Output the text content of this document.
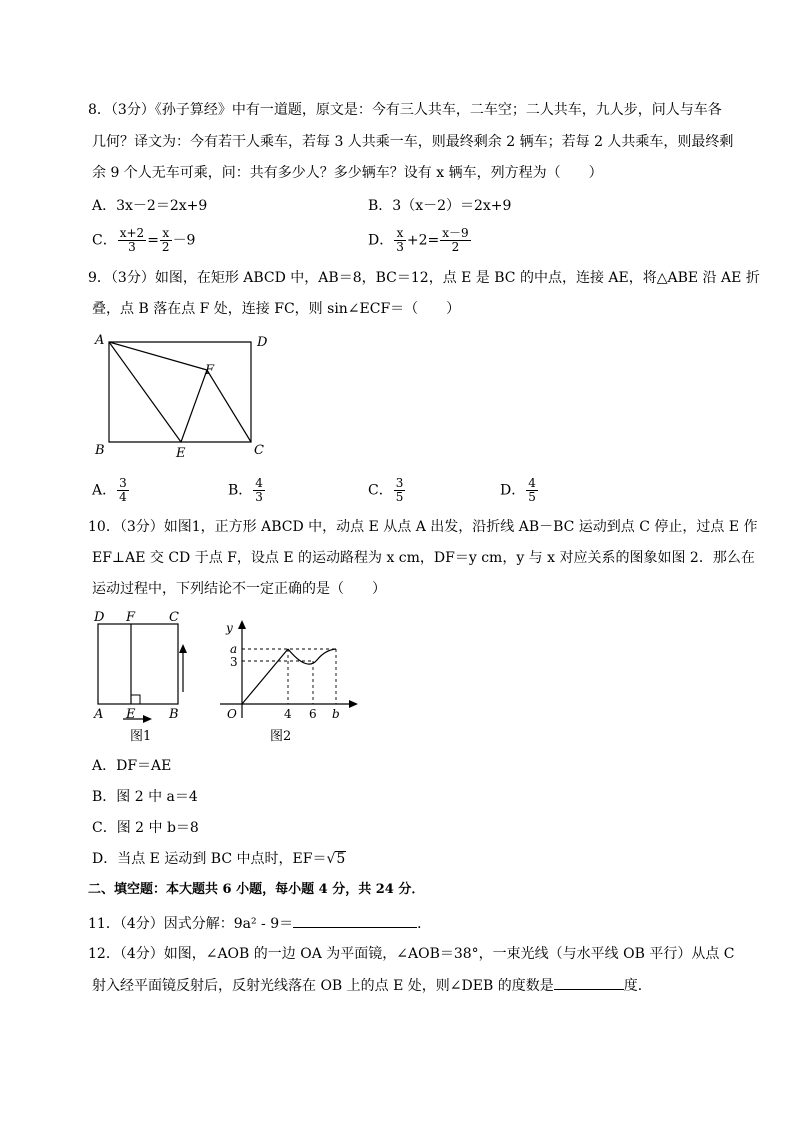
8．（3分）《孙子算经》中有一道题，原文是：今有三人共车，二车空；二人共车，九人步，问人与车各
几何？译文为：今有若干人乘车，若每 3 人共乘一车，则最终剩余 2 辆车；若每 2 人共乘车，则最终剩
余 9 个人无车可乘，问：共有多少人？多少辆车？设有 x 辆车，列方程为（　　）
A．3x－2＝2x+9	B．3（x－2）＝2x+9
C． $\frac{x+2}{3} = \frac{x}{2} -9$	D． $\frac{x}{3} +2= \frac{x-9}{2}$
9．（3分）如图，在矩形 ABCD 中，AB＝8，BC＝12，点 E 是 BC 的中点，连接 AE，将△ABE 沿 AE 折
叠，点 B 落在点 F 处，连接 FC，则 sin∠ECF＝（　　）
A	D
F
B	E	C
A． $\frac{3}{4}$	B． $\frac{4}{3}$	C． $\frac{3}{5}$	D． $\frac{4}{5}$
10．（3分）如图1，正方形 ABCD 中，动点 E 从点 A 出发，沿折线 AB－BC 运动到点 C 停止，过点 E 作
EF⊥AE 交 CD 于点 F，设点 E 的运动路程为 x cm，DF＝y cm，y 与 x 对应关系的图象如图 2．那么在
运动过程中，下列结论不一定正确的是（　　）
D F	C
A E	B
图1
y
a
3
O	4 6 b
图2
A．DF＝AE
B．图 2 中 a＝4
C．图 2 中 b＝8
D．当点 E 运动到 BC 中点时，EF＝√5
二、填空题：本大题共 6 小题，每小题 4 分，共 24 分．
11．（4分）因式分解：9a² - 9＝	．
12．（4分）如图，∠AOB 的一边 OA 为平面镜，∠AOB＝38°，一束光线（与水平线 OB 平行）从点 C
射入经平面镜反射后，反射光线落在 OB 上的点 E 处，则∠DEB 的度数是	度．
